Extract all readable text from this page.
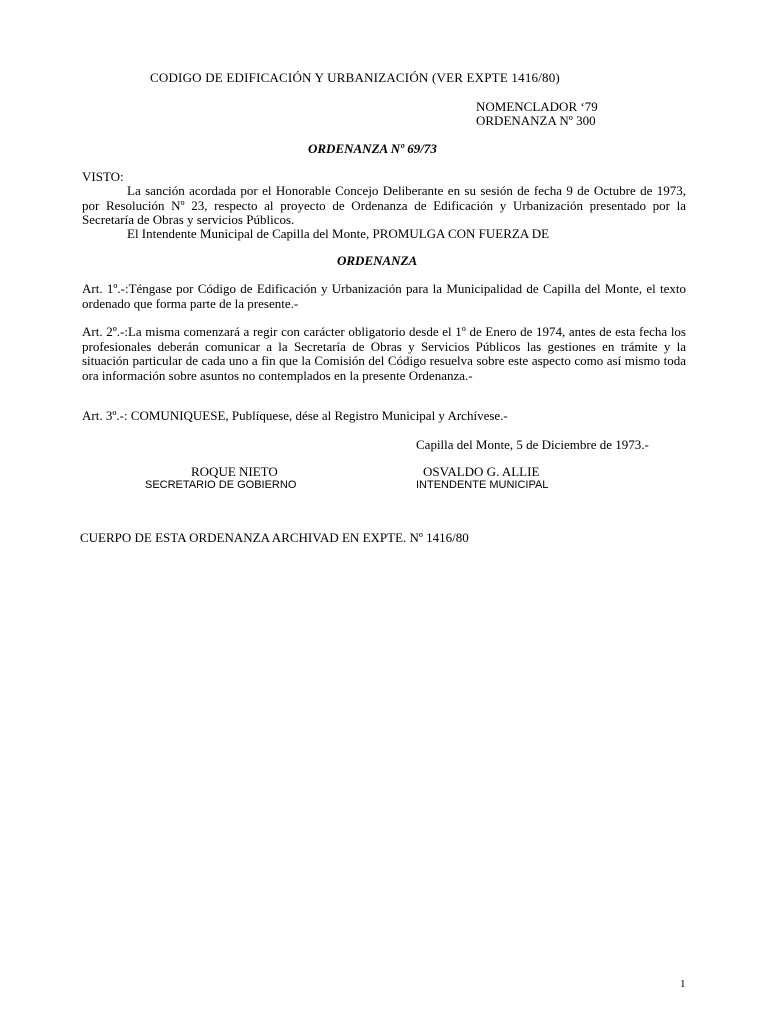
CODIGO DE EDIFICACIÓN Y URBANIZACIÓN (VER EXPTE 1416/80)
NOMENCLADOR ‘79
ORDENANZA Nº 300
ORDENANZA Nº 69/73
VISTO:
La sanción acordada por el Honorable Concejo Deliberante en su sesión de fecha 9 de Octubre de 1973, por Resolución Nº 23, respecto al proyecto de Ordenanza de Edificación y Urbanización presentado por la Secretaría de Obras y servicios Públicos.
El Intendente Municipal de Capilla del Monte, PROMULGA CON FUERZA DE
ORDENANZA
Art. 1º.-:Téngase por Código de Edificación y Urbanización para la Municipalidad de Capilla del Monte, el texto ordenado que forma parte de la presente.-
Art. 2º.-:La misma comenzará a regir con carácter obligatorio desde el 1º de Enero de 1974, antes de esta fecha los profesionales deberán comunicar a la Secretaría de Obras y Servicios Públicos las gestiones en trámite y la situación particular de cada uno a fin que la Comisión del Código resuelva sobre este aspecto como así mismo toda ora información sobre asuntos no contemplados en la presente Ordenanza.-
Art. 3º.-: COMUNIQUESE, Publíquese, dése al Registro Municipal y Archívese.-
Capilla del Monte, 5 de Diciembre de 1973.-
ROQUE NIETO
SECRETARIO DE GOBIERNO
OSVALDO G. ALLIE
INTENDENTE MUNICIPAL
CUERPO DE ESTA ORDENANZA ARCHIVAD EN EXPTE. Nº 1416/80
1
